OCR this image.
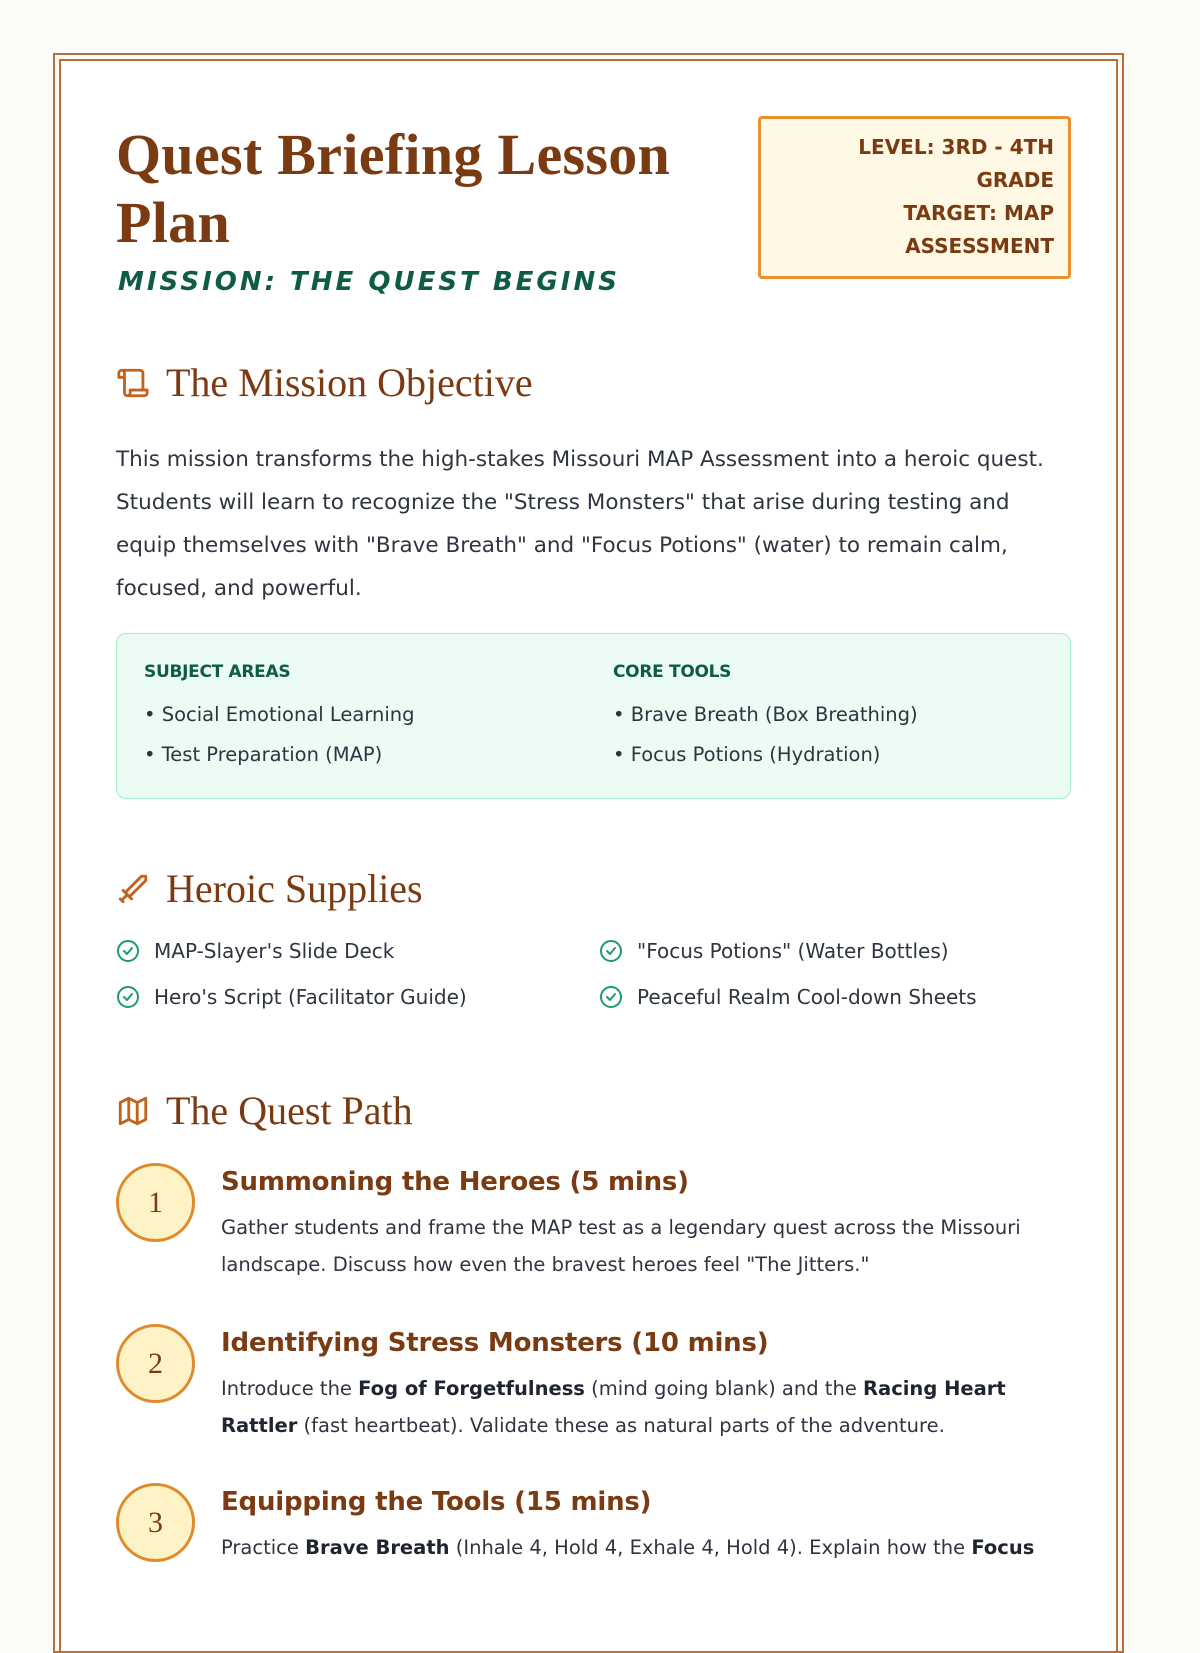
Quest Briefing Lesson Plan
MISSION: THE QUEST BEGINS
LEVEL: 3RD - 4TH GRADE
TARGET: MAP ASSESSMENT
The Mission Objective

This mission transforms the high-stakes Missouri MAP Assessment into a heroic quest. Students will learn to recognize the "Stress Monsters" that arise during testing and equip themselves with "Brave Breath" and "Focus Potions" (water) to remain calm, focused, and powerful.

SUBJECT AREAS
• Social Emotional Learning
• Test Preparation (MAP)
CORE TOOLS
• Brave Breath (Box Breathing)
• Focus Potions (Hydration)
Heroic Supplies
MAP-Slayer's Slide Deck	"Focus Potions" (Water Bottles)
Hero's Script (Facilitator Guide)	Peaceful Realm Cool-down Sheets
The Quest Path
1
Summoning the Heroes (5 mins)
Gather students and frame the MAP test as a legendary quest across the Missouri landscape. Discuss how even the bravest heroes feel "The Jitters."
2
Identifying Stress Monsters (10 mins)
Introduce the Fog of Forgetfulness (mind going blank) and the Racing Heart Rattler (fast heartbeat). Validate these as natural parts of the adventure.
3
Equipping the Tools (15 mins)
Practice Brave Breath (Inhale 4, Hold 4, Exhale 4, Hold 4). Explain how the Focus
